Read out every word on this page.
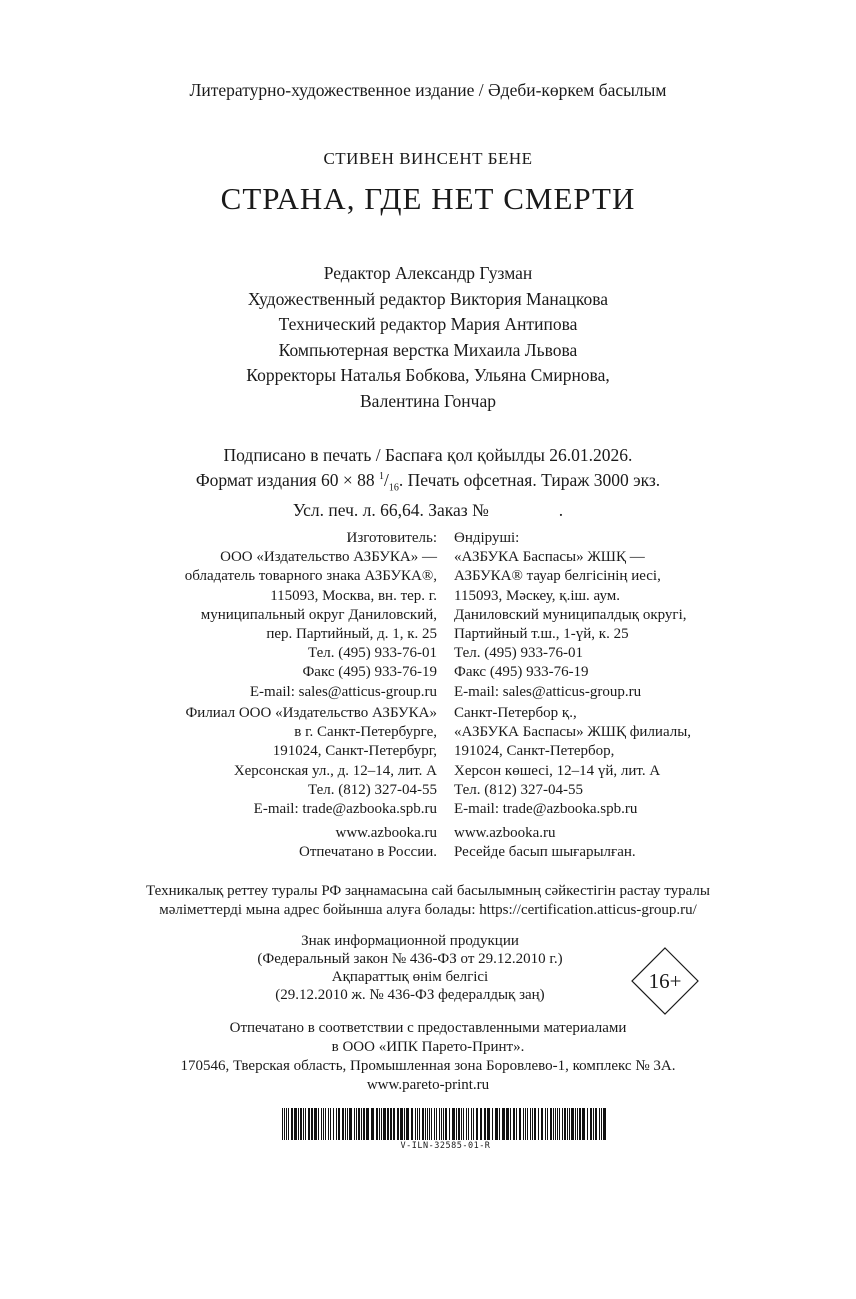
Литературно-художественное издание / Әдеби-көркем басылым
СТИВЕН ВИНСЕНТ БЕНЕ
СТРАНА, ГДЕ НЕТ СМЕРТИ
Редактор Александр Гузман
Художественный редактор Виктория Манацкова
Технический редактор Мария Антипова
Компьютерная верстка Михаила Львова
Корректоры Наталья Бобкова, Ульяна Смирнова,
Валентина Гончар
Подписано в печать / Баспаға қол қойылды 26.01.2026.
Формат издания 60 × 88 $^1/_{16}$. Печать офсетная. Тираж 3000 экз.
Усл. печ. л. 66,64. Заказ №                .
Изготовитель:
ООО «Издательство АЗБУКА» —
обладатель товарного знака АЗБУКА®,
115093, Москва, вн. тер. г.
муниципальный округ Даниловский,
пер. Партийный, д. 1, к. 25
Тел. (495) 933-76-01
Факс (495) 933-76-19
E-mail: sales@atticus-group.ru
Өндіруші:
«АЗБУКА Баспасы» ЖШҚ —
АЗБУКА® тауар белгісінің иесі,
115093, Мәскеу, қ.іш. аум.
Даниловский муниципалдық округі,
Партийный т.ш., 1-үй, к. 25
Тел. (495) 933-76-01
Факс (495) 933-76-19
E-mail: sales@atticus-group.ru
Филиал ООО «Издательство АЗБУКА»
в г. Санкт-Петербурге,
191024, Санкт-Петербург,
Херсонская ул., д. 12–14, лит. А
Тел. (812) 327-04-55
E-mail: trade@azbooka.spb.ru
Санкт-Петербор қ.,
«АЗБУКА Баспасы» ЖШҚ филиалы,
191024, Санкт-Петербор,
Херсон көшесі, 12–14 үй, лит. А
Тел. (812) 327-04-55
E-mail: trade@azbooka.spb.ru
www.azbooka.ru
Отпечатано в России.
www.azbooka.ru
Ресейде басып шығарылған.
Техникалық реттеу туралы РФ заңнамасына сай басылымның сәйкестігін растау туралы
мәліметтерді мына адрес бойынша алуға болады: https://certification.atticus-group.ru/
Знак информационной продукции
(Федеральный закон № 436-ФЗ от 29.12.2010 г.)
Ақпараттық өнім белгісі
(29.12.2010 ж. № 436-ФЗ федералдық заң)
16+
Отпечатано в соответствии с предоставленными материалами
в ООО «ИПК Парето-Принт».
170546, Тверская область, Промышленная зона Боровлево-1, комплекс № 3А.
www.pareto-print.ru
V-ILN-32585-01-R
